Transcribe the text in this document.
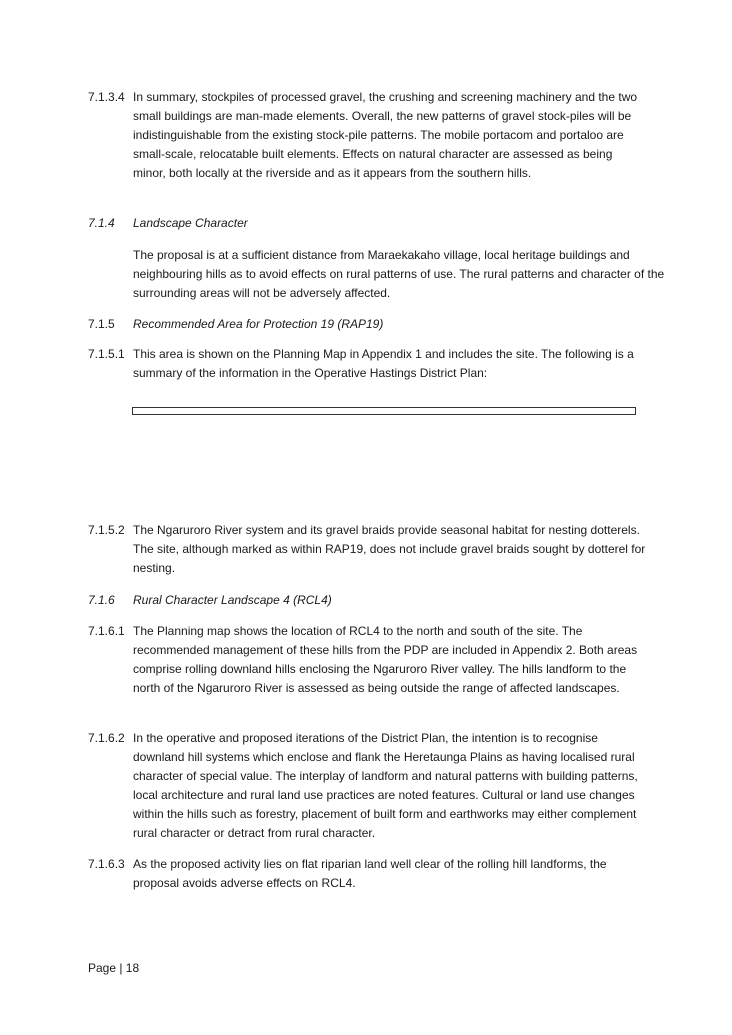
7.1.3.4 In summary, stockpiles of processed gravel, the crushing and screening machinery and the two small buildings are man-made elements. Overall, the new patterns of gravel stock-piles will be indistinguishable from the existing stock-pile patterns. The mobile portacom and portaloo are small-scale, relocatable built elements. Effects on natural character are assessed as being minor, both locally at the riverside and as it appears from the southern hills.
7.1.4	Landscape Character
The proposal is at a sufficient distance from Maraekakaho village, local heritage buildings and neighbouring hills as to avoid effects on rural patterns of use. The rural patterns and character of the surrounding areas will not be adversely affected.
7.1.5	Recommended Area for Protection 19 (RAP19)
7.1.5.1 This area is shown on the Planning Map in Appendix 1 and includes the site. The following is a summary of the information in the Operative Hastings District Plan:
7.1.5.2 The Ngaruroro River system and its gravel braids provide seasonal habitat for nesting dotterels. The site, although marked as within RAP19, does not include gravel braids sought by dotterel for nesting.
7.1.6	Rural Character Landscape 4 (RCL4)
7.1.6.1 The Planning map shows the location of RCL4 to the north and south of the site. The recommended management of these hills from the PDP are included in Appendix 2. Both areas comprise rolling downland hills enclosing the Ngaruroro River valley. The hills landform to the north of the Ngaruroro River is assessed as being outside the range of affected landscapes.
7.1.6.2 In the operative and proposed iterations of the District Plan, the intention is to recognise downland hill systems which enclose and flank the Heretaunga Plains as having localised rural character of special value. The interplay of landform and natural patterns with building patterns, local architecture and rural land use practices are noted features. Cultural or land use changes within the hills such as forestry, placement of built form and earthworks may either complement rural character or detract from rural character.
7.1.6.3 As the proposed activity lies on flat riparian land well clear of the rolling hill landforms, the proposal avoids adverse effects on RCL4.
Page | 18
